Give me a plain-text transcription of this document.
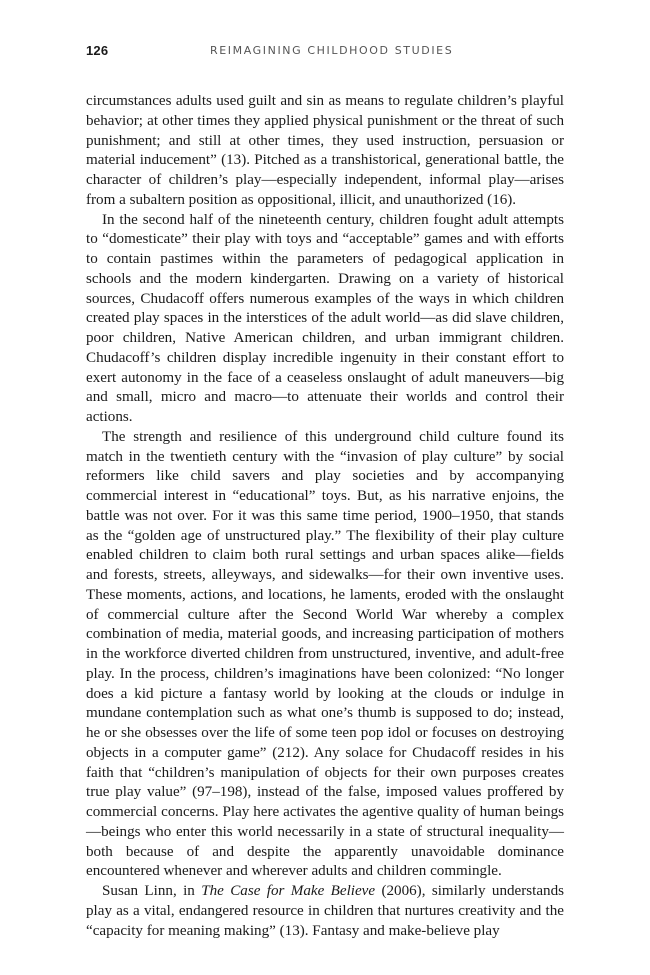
126	REIMAGINING CHILDHOOD STUDIES

circumstances adults used guilt and sin as means to regulate children’s playful behavior; at other times they applied physical punishment or the threat of such punishment; and still at other times, they used instruction, persuasion or material inducement” (13). Pitched as a transhistorical, generational battle, the character of children’s play—especially independent, informal play—arises from a subaltern position as oppositional, illicit, and unauthorized (16).

In the second half of the nineteenth century, children fought adult attempts to “domesticate” their play with toys and “acceptable” games and with efforts to contain pastimes within the parameters of pedagogical application in schools and the modern kindergarten. Drawing on a variety of historical sources, Chudacoff offers numerous examples of the ways in which children created play spaces in the interstices of the adult world—as did slave children, poor children, Native American children, and urban immigrant children. Chudacoff’s children display incredible ingenuity in their constant effort to exert autonomy in the face of a ceaseless onslaught of adult maneuvers—big and small, micro and macro—to attenuate their worlds and control their actions.

The strength and resilience of this underground child culture found its match in the twentieth century with the “invasion of play culture” by social reformers like child savers and play societies and by accompanying commercial interest in “educational” toys. But, as his narrative enjoins, the battle was not over. For it was this same time period, 1900–1950, that stands as the “golden age of unstructured play.” The flexibility of their play culture enabled children to claim both rural settings and urban spaces alike—fields and forests, streets, alleyways, and sidewalks—for their own inventive uses. These moments, actions, and locations, he laments, eroded with the onslaught of commercial culture after the Second World War whereby a complex combination of media, material goods, and increasing participation of mothers in the workforce diverted children from unstructured, inventive, and adult-free play. In the process, children’s imaginations have been colonized: “No longer does a kid picture a fantasy world by looking at the clouds or indulge in mundane contemplation such as what one’s thumb is supposed to do; instead, he or she obsesses over the life of some teen pop idol or focuses on destroying objects in a computer game” (212). Any solace for Chudacoff resides in his faith that “children’s manipulation of objects for their own purposes creates true play value” (97–198), instead of the false, imposed values proffered by commercial concerns. Play here activates the agentive quality of human beings—beings who enter this world necessarily in a state of structural inequality—both because of and despite the apparently unavoidable dominance encountered whenever and wherever adults and children commingle.

Susan Linn, in The Case for Make Believe (2006), similarly understands play as a vital, endangered resource in children that nurtures creativity and the “capacity for meaning making” (13). Fantasy and make-believe play
